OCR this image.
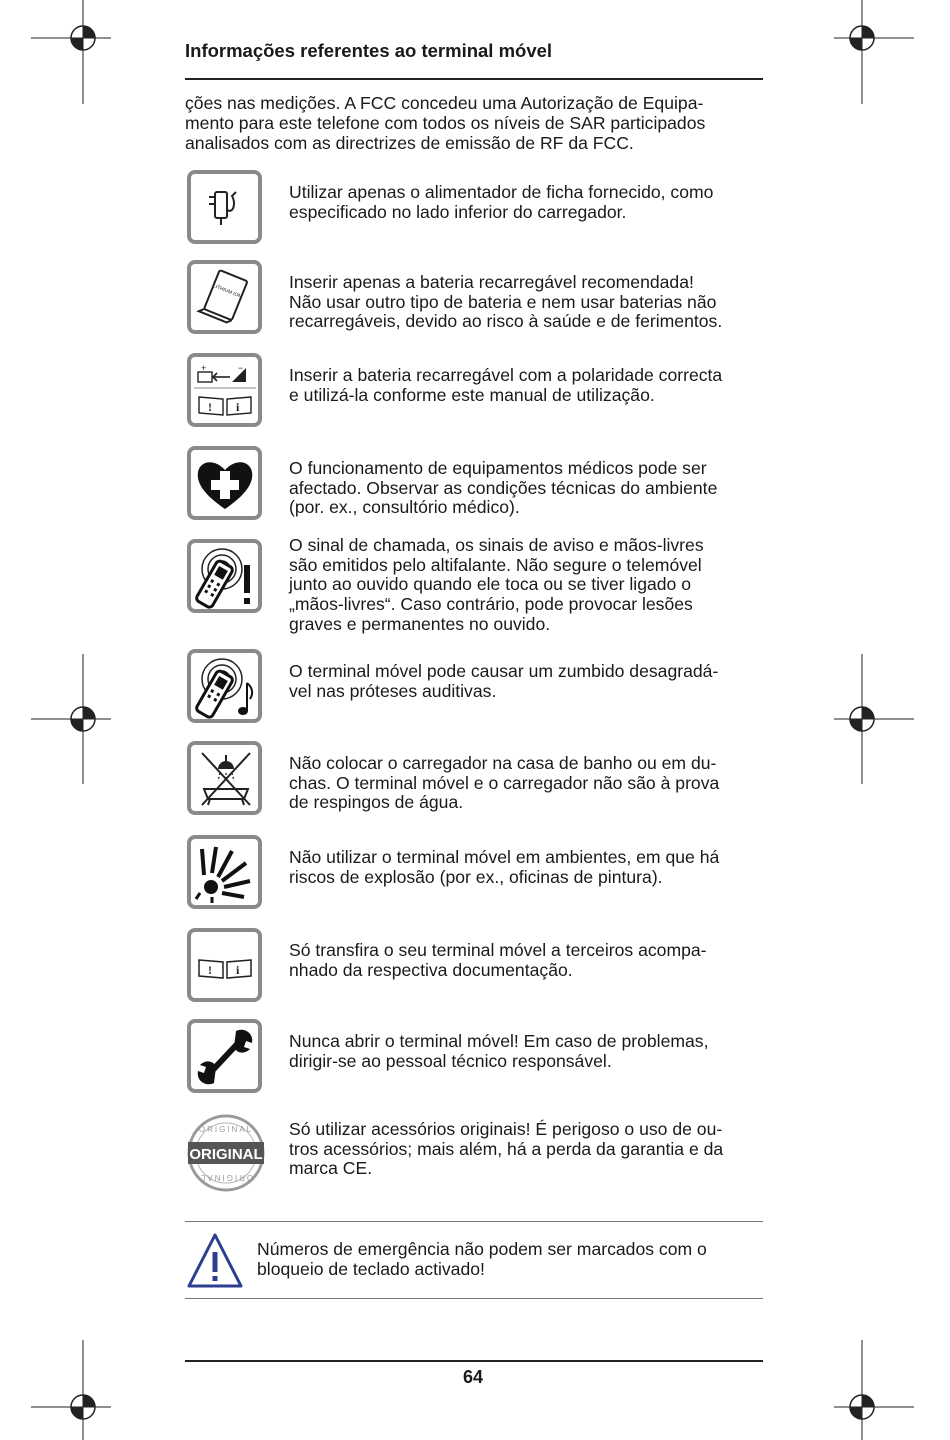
Informações referentes ao terminal móvel
ções nas medições. A FCC concedeu uma Autorização de Equipa-
mento para este telefone com todos os níveis de SAR participados
analisados com as directrizes de emissão de RF da FCC.
Utilizar apenas o alimentador de ficha fornecido, como
especificado no lado inferior do carregador.
LITHIUM ION	Inserir apenas a bateria recarregável recomendada!
Não usar outro tipo de bateria e nem usar baterias não
recarregáveis, devido ao risco à saúde e de ferimentos.
+	−
! i
Inserir a bateria recarregável com a polaridade correcta
e utilizá-la conforme este manual de utilização.
O funcionamento de equipamentos médicos pode ser
afectado. Observar as condições técnicas do ambiente
(por. ex., consultório médico).
O sinal de chamada, os sinais de aviso e mãos-livres
são emitidos pelo altifalante. Não segure o telemóvel
junto ao ouvido quando ele toca ou se tiver ligado o
„mãos-livres“. Caso contrário, pode provocar lesões
graves e permanentes no ouvido.
O terminal móvel pode causar um zumbido desagradá-
vel nas próteses auditivas.
Não colocar o carregador na casa de banho ou em du-
chas. O terminal móvel e o carregador não são à prova
de respingos de água.
Não utilizar o terminal móvel em ambientes, em que há
riscos de explosão (por ex., oficinas de pintura).
! i
Só transfira o seu terminal móvel a terceiros acompa-
nhado da respectiva documentação.
Nunca abrir o terminal móvel! Em caso de problemas,
dirigir-se ao pessoal técnico responsável.
ORIGINAL
ORIGINAL
ORIGINAL
Só utilizar acessórios originais! É perigoso o uso de ou-
tros acessórios; mais além, há a perda da garantia e da
marca CE.
Números de emergência não podem ser marcados com o
bloqueio de teclado activado!
64
